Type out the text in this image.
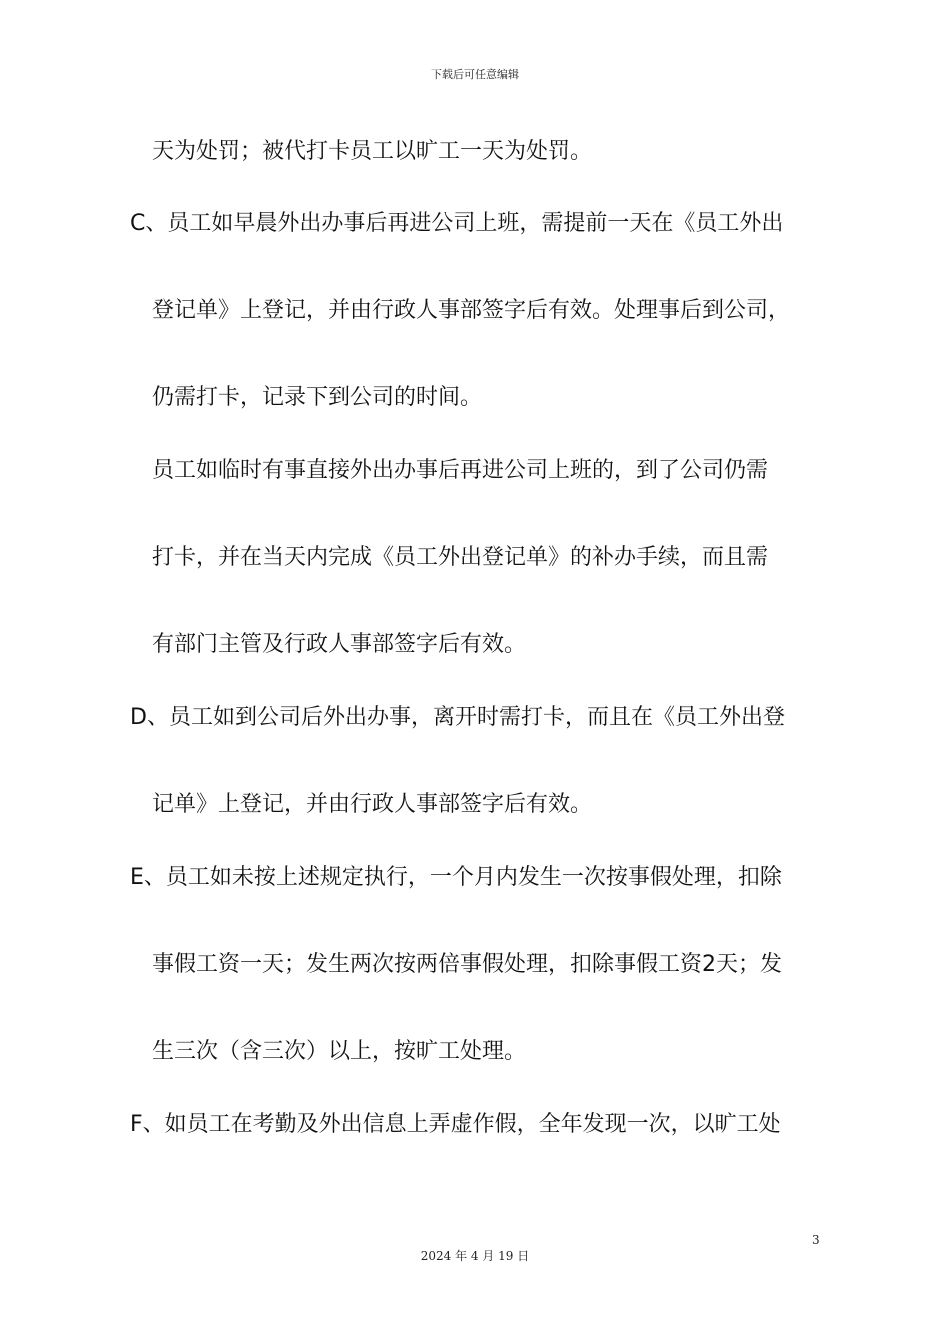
下载后可任意编辑
天为处罚；被代打卡员工以旷工一天为处罚。
C、员工如早晨外出办事后再进公司上班，需提前一天在《员工外出
登记单》上登记，并由行政人事部签字后有效。处理事后到公司，
仍需打卡，记录下到公司的时间。
员工如临时有事直接外出办事后再进公司上班的，到了公司仍需
打卡，并在当天内完成《员工外出登记单》的补办手续，而且需
有部门主管及行政人事部签字后有效。
D、员工如到公司后外出办事，离开时需打卡，而且在《员工外出登
记单》上登记，并由行政人事部签字后有效。
E、员工如未按上述规定执行，一个月内发生一次按事假处理，扣除
事假工资一天；发生两次按两倍事假处理，扣除事假工资2天；发
生三次（含三次）以上，按旷工处理。
F、如员工在考勤及外出信息上弄虚作假，全年发现一次，以旷工处
3
2024 年 4 月 19 日
